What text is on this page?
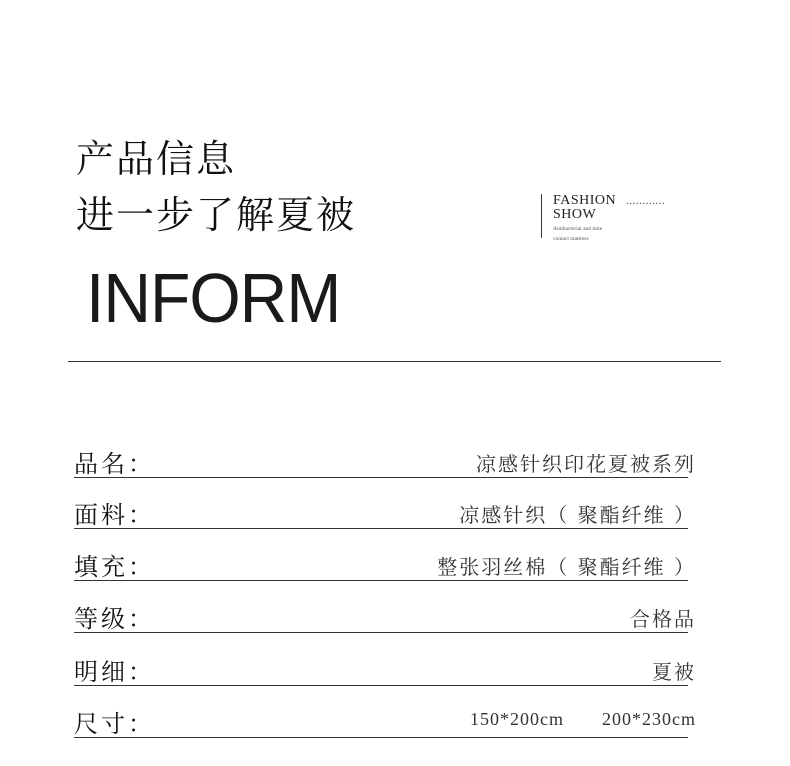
产品信息
进一步了解夏被
INFORM
FASHION ............
SHOW
Antibacterial and mite
contact mattress
品名：	凉感针织印花夏被系列
面料：	凉感针织（ 聚酯纤维 ）
填充：	整张羽丝棉（ 聚酯纤维 ）
等级：	合格品
明细：	夏被
尺寸：	150*200cm 200*230cm
